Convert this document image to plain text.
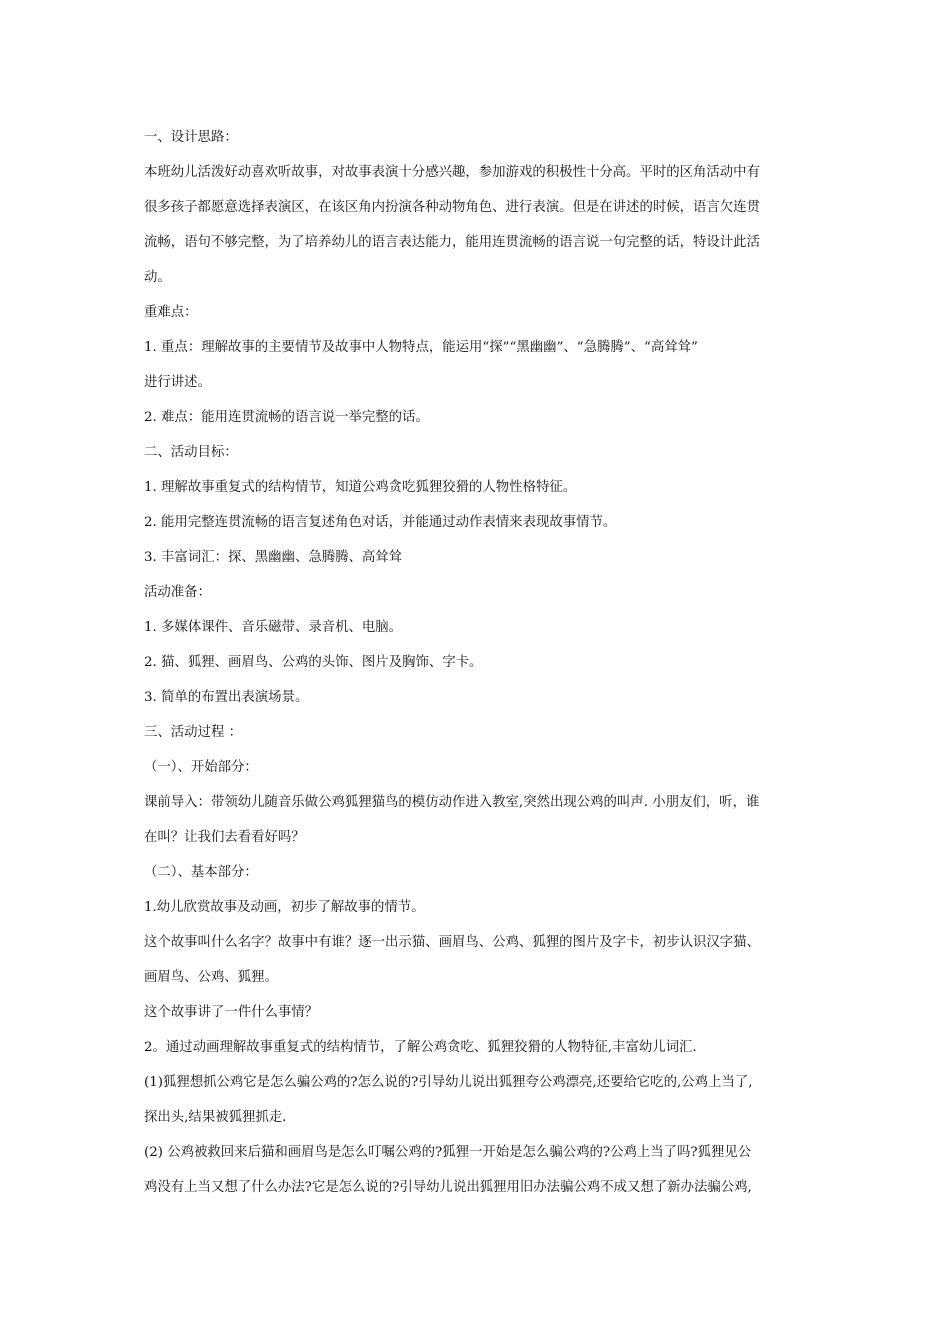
一、设计思路：
本班幼儿活泼好动喜欢听故事，对故事表演十分感兴趣，参加游戏的积极性十分高。平时的区角活动中有
很多孩子都愿意选择表演区，在该区角内扮演各种动物角色、进行表演。但是在讲述的时候，语言欠连贯
流畅，语句不够完整，为了培养幼儿的语言表达能力，能用连贯流畅的语言说一句完整的话，特设计此活
动。
重难点：
1. 重点：理解故事的主要情节及故事中人物特点，能运用“探”“黑幽幽”、“急腾腾”、“高耸耸”
进行讲述。
2. 难点：能用连贯流畅的语言说一举完整的话。
二、活动目标：
1. 理解故事重复式的结构情节，知道公鸡贪吃狐狸狡猾的人物性格特征。
2. 能用完整连贯流畅的语言复述角色对话，并能通过动作表情来表现故事情节。
3. 丰富词汇：探、黑幽幽、急腾腾、高耸耸
活动准备：
1. 多媒体课件、音乐磁带、录音机、电脑。
2. 猫、狐狸、画眉鸟、公鸡的头饰、图片及胸饰、字卡。
3. 简单的布置出表演场景。
三、活动过程 ：
（一）、开始部分：
课前导入：带领幼儿随音乐做公鸡狐狸猫鸟的模仿动作进入教室,突然出现公鸡的叫声. 小朋友们，听，谁
在叫？让我们去看看好吗？
（二）、基本部分：
1.幼儿欣赏故事及动画，初步了解故事的情节。
这个故事叫什么名字？故事中有谁？逐一出示猫、画眉鸟、公鸡、狐狸的图片及字卡，初步认识汉字猫、
画眉鸟、公鸡、狐狸。
这个故事讲了一件什么事情？
2。通过动画理解故事重复式的结构情节，了解公鸡贪吃、狐狸狡猾的人物特征,丰富幼儿词汇.
(1)狐狸想抓公鸡它是怎么骗公鸡的?怎么说的?引导幼儿说出狐狸夸公鸡漂亮,还要给它吃的,公鸡上当了,
探出头,结果被狐狸抓走.
(2) 公鸡被救回来后猫和画眉鸟是怎么叮嘱公鸡的?狐狸一开始是怎么骗公鸡的?公鸡上当了吗?狐狸见公
鸡没有上当又想了什么办法?它是怎么说的?引导幼儿说出狐狸用旧办法骗公鸡不成又想了新办法骗公鸡,
